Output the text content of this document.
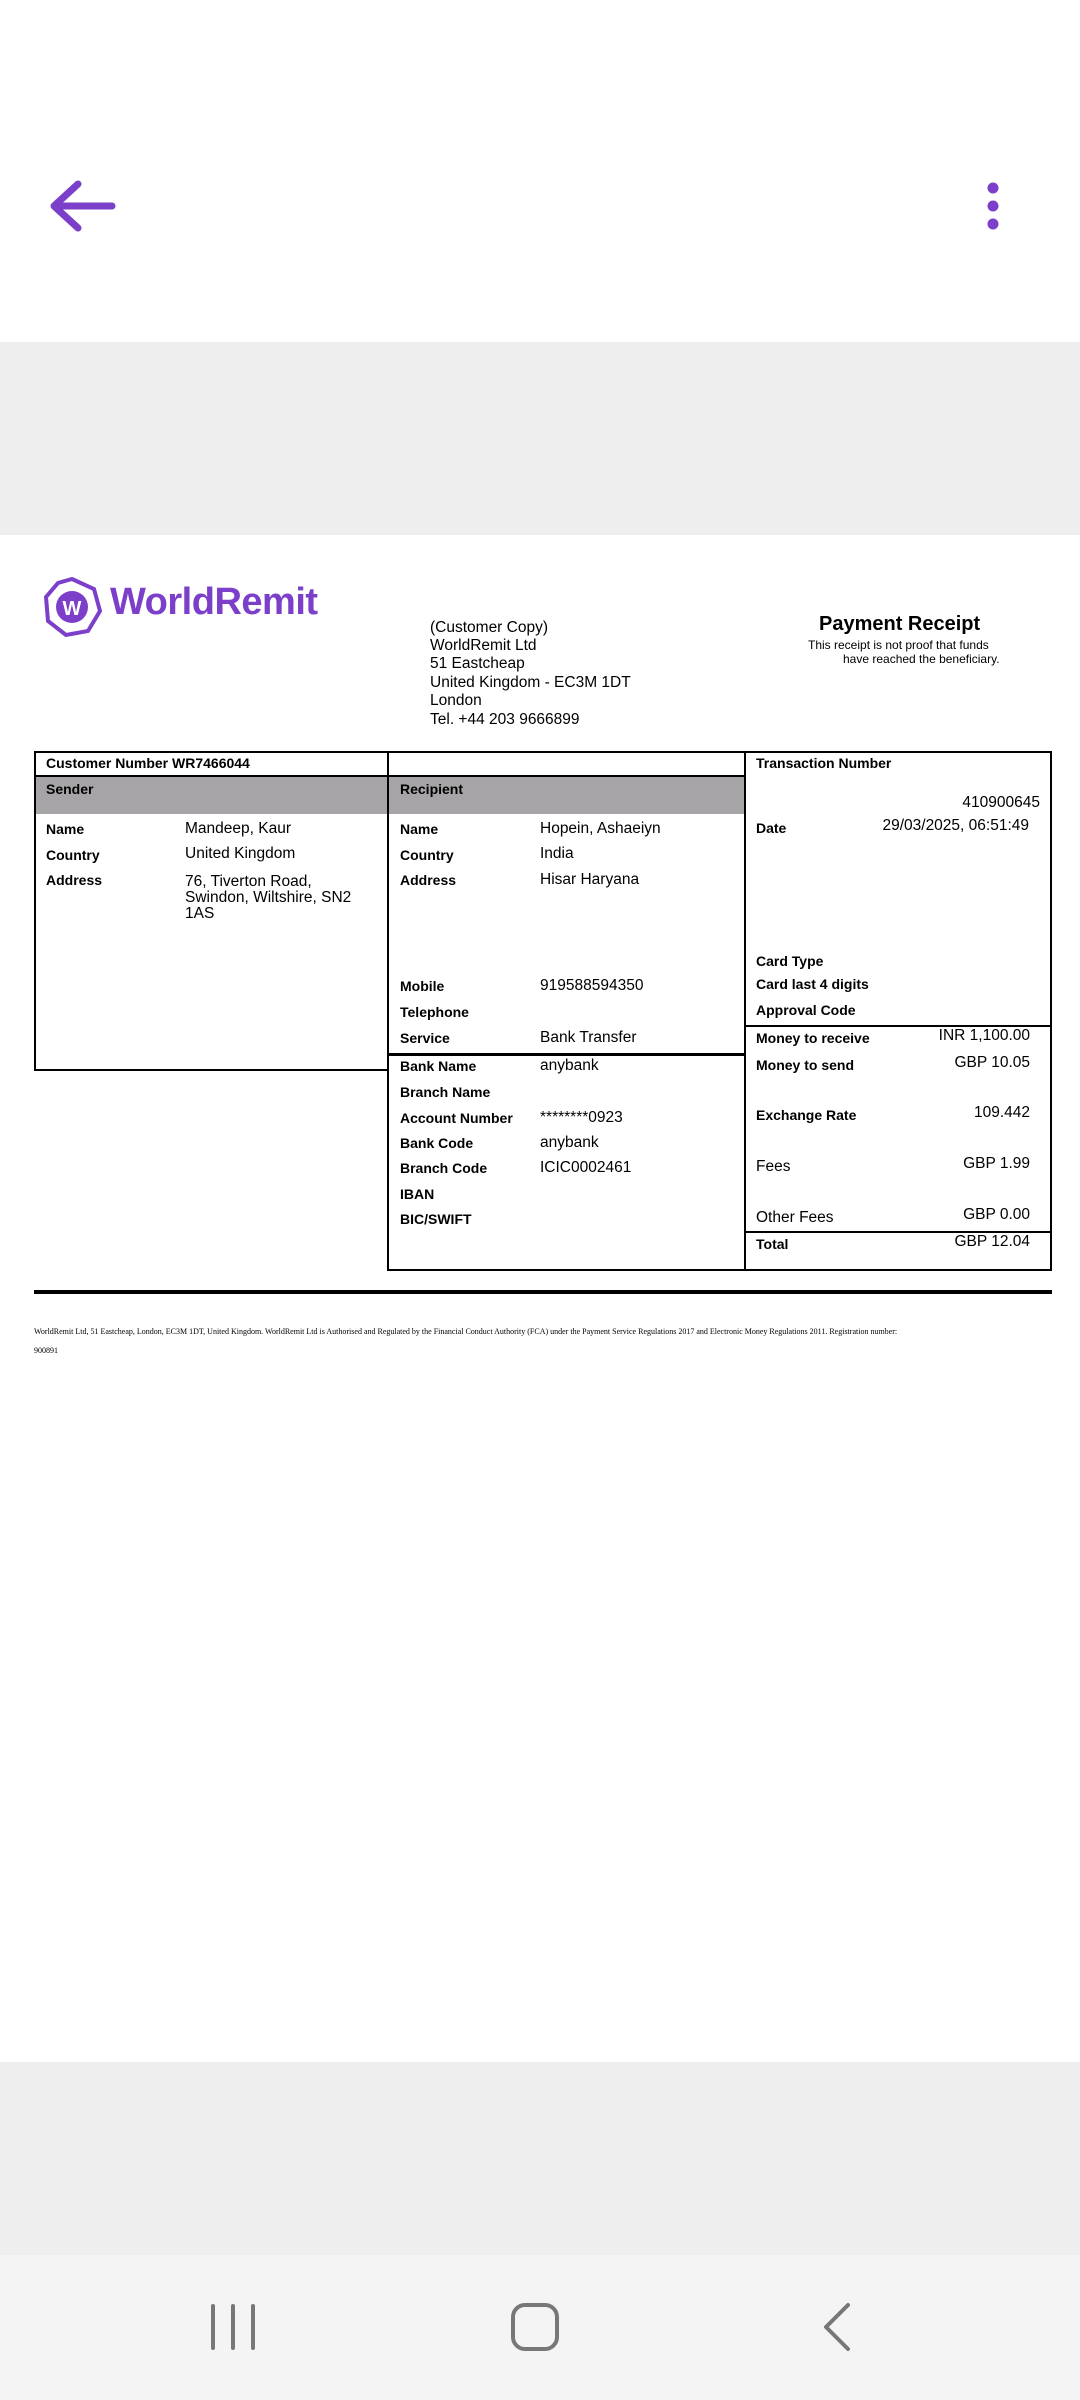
W WorldRemit
(Customer Copy)
WorldRemit Ltd
51 Eastcheap
United Kingdom - EC3M 1DT
London
Tel. +44 203 9666899
Payment Receipt
This receipt is not proof that funds
have reached the beneficiary.
Customer Number WR7466044
Sender
Name	Mandeep, Kaur
Country	United Kingdom
Address	76, Tiverton Road,
Swindon, Wiltshire, SN2
1AS
Recipient
Name	Hopein, Ashaeiyn
Country	India
Address	Hisar Haryana
Mobile	919588594350
Telephone
Service	Bank Transfer
Bank Name	anybank
Branch Name
Account Number ********0923
Bank Code	anybank
Branch Code	ICIC0002461
IBAN
BIC/SWIFT
Transaction Number
410900645
Date	29/03/2025, 06:51:49
Card Type
Card last 4 digits
Approval Code
Money to receive	INR 1,100.00
Money to send	GBP 10.05
Exchange Rate	109.442
Fees	GBP 1.99
Other Fees	GBP 0.00
Total	GBP 12.04
WorldRemit Ltd, 51 Eastcheap, London, EC3M 1DT, United Kingdom. WorldRemit Ltd is Authorised and Regulated by the Financial Conduct Authority (FCA) under the Payment Service Regulations 2017 and Electronic Money Regulations 2011. Registration number:
900891
